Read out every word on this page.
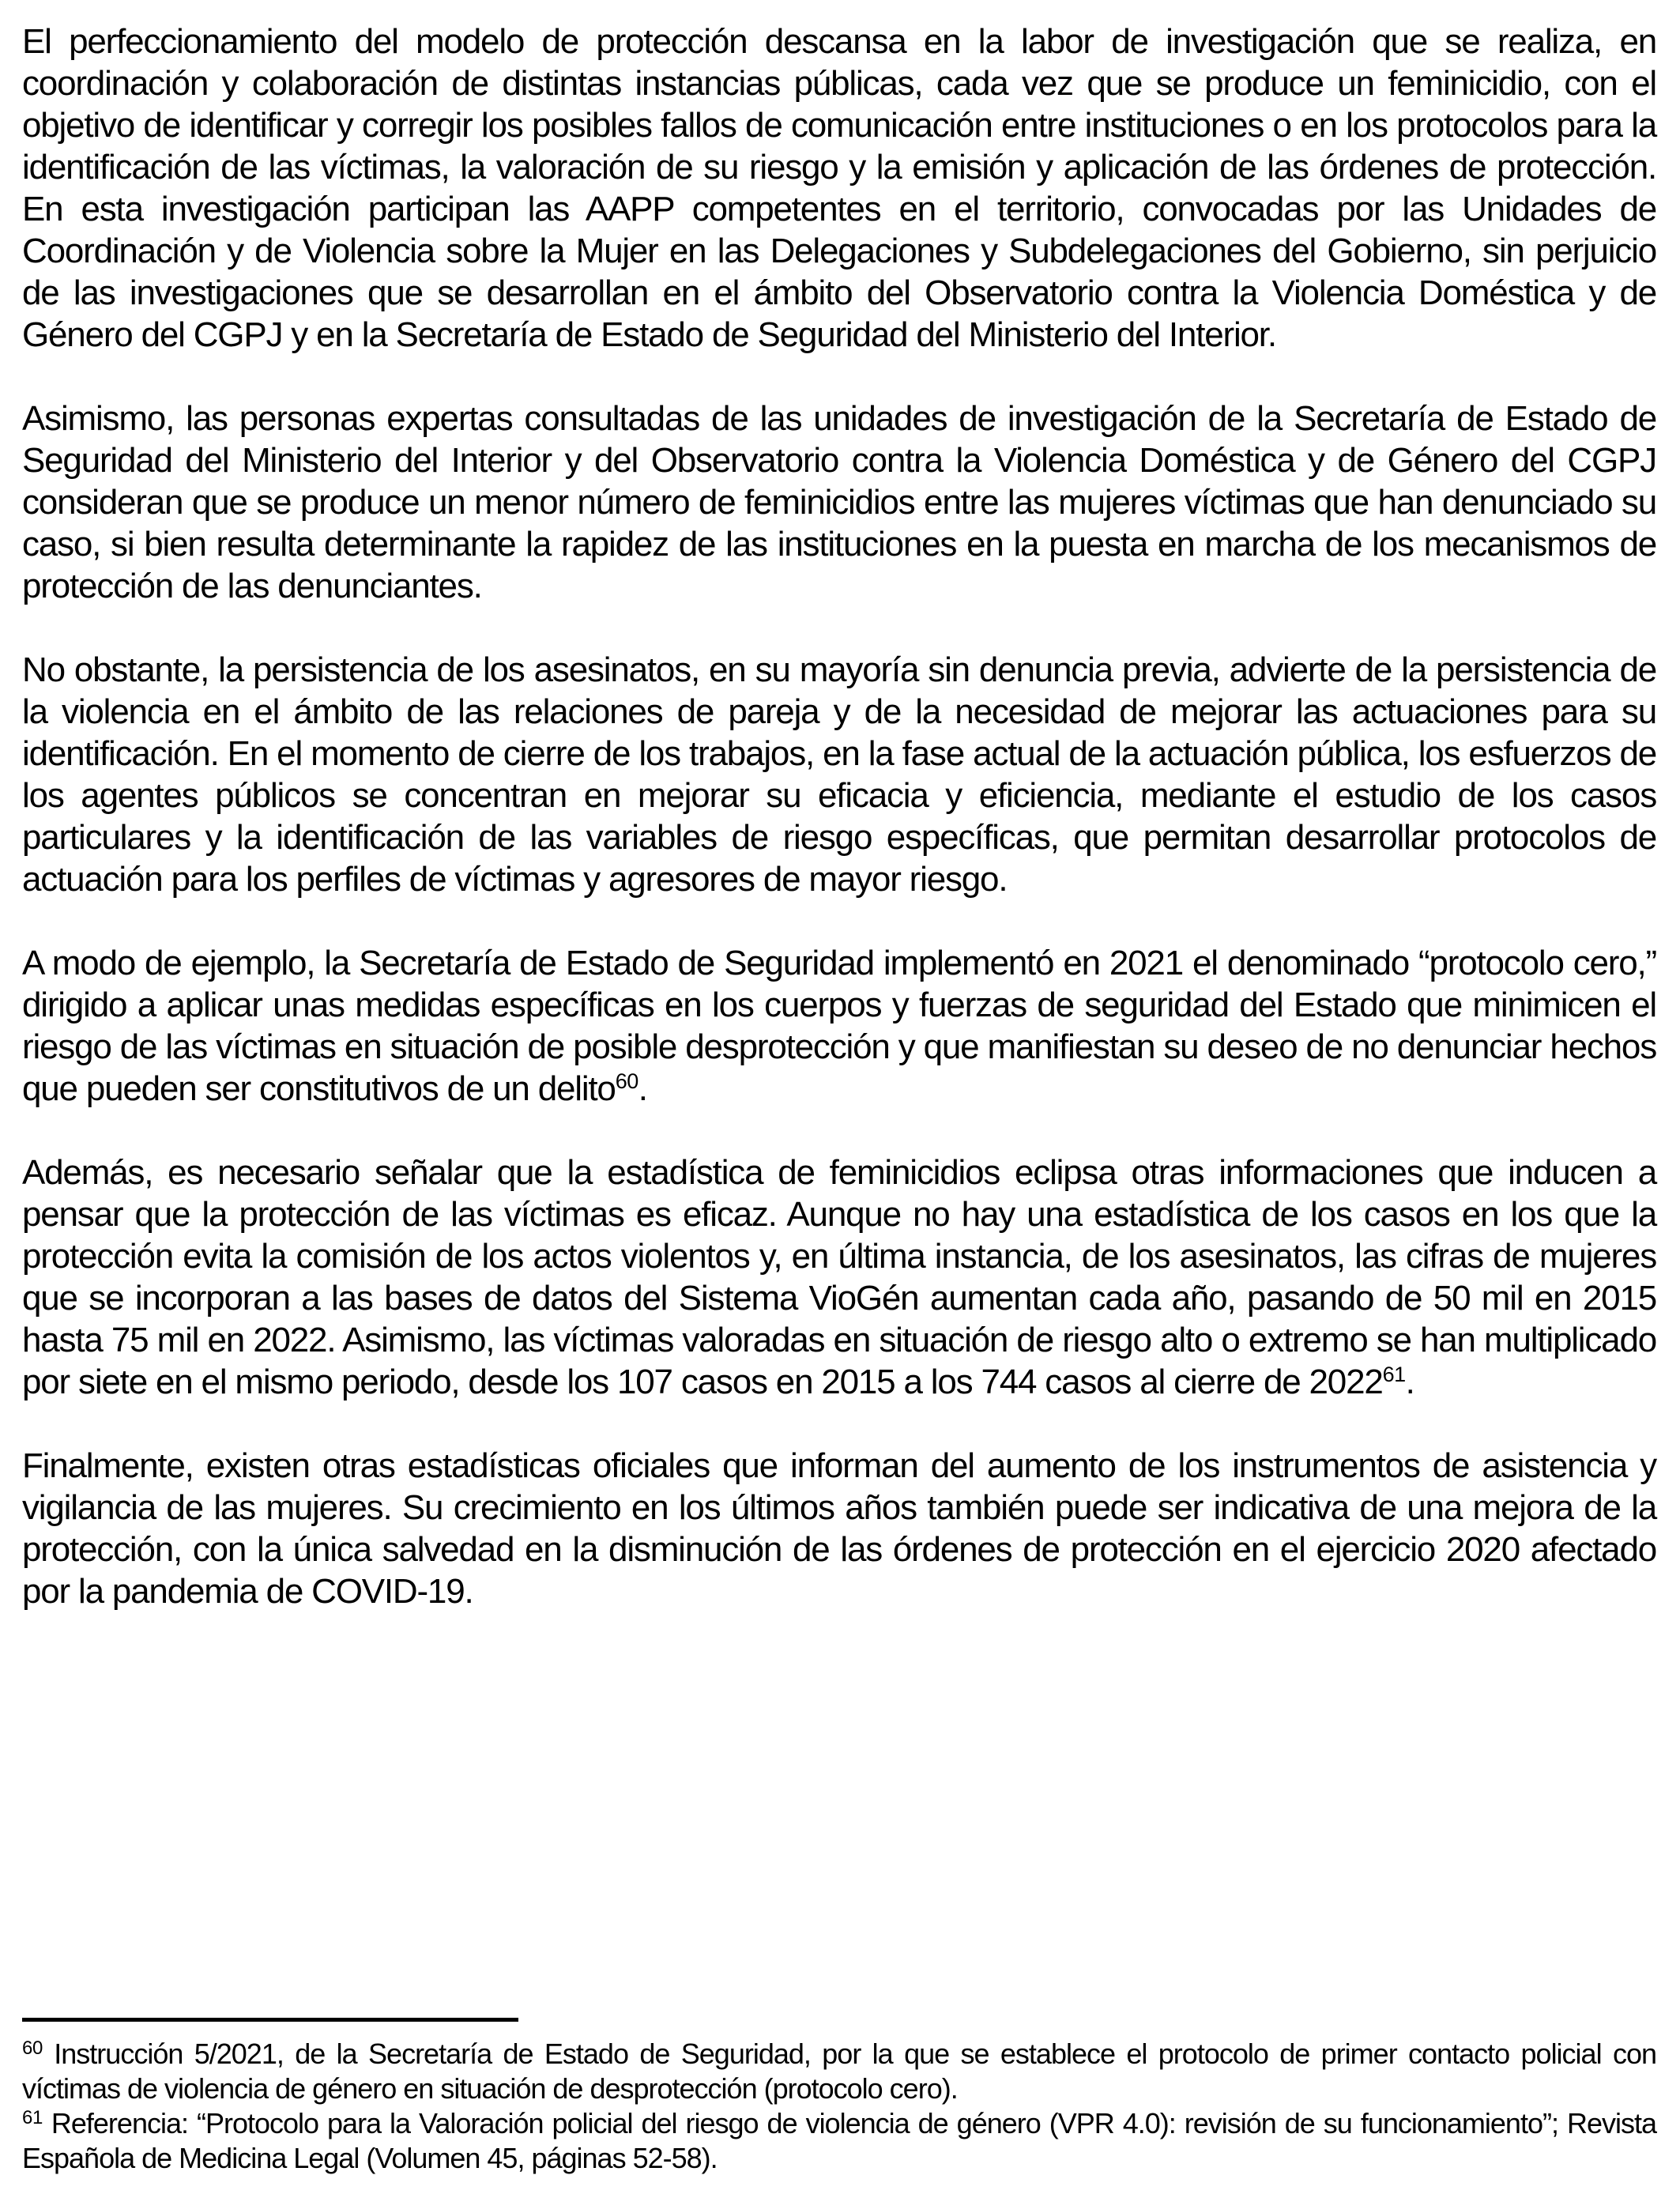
El perfeccionamiento del modelo de protección descansa en la labor de investigación que se realiza, en coordinación y colaboración de distintas instancias públicas, cada vez que se produce un feminicidio, con el objetivo de identificar y corregir los posibles fallos de comunicación entre instituciones o en los protocolos para la identificación de las víctimas, la valoración de su riesgo y la emisión y aplicación de las órdenes de protección. En esta investigación participan las AAPP competentes en el territorio, convocadas por las Unidades de Coordinación y de Violencia sobre la Mujer en las Delegaciones y Subdelegaciones del Gobierno, sin perjuicio de las investigaciones que se desarrollan en el ámbito del Observatorio contra la Violencia Doméstica y de Género del CGPJ y en la Secretaría de Estado de Seguridad del Ministerio del Interior.

Asimismo, las personas expertas consultadas de las unidades de investigación de la Secretaría de Estado de Seguridad del Ministerio del Interior y del Observatorio contra la Violencia Doméstica y de Género del CGPJ consideran que se produce un menor número de feminicidios entre las mujeres víctimas que han denunciado su caso, si bien resulta determinante la rapidez de las instituciones en la puesta en marcha de los mecanismos de protección de las denunciantes.

No obstante, la persistencia de los asesinatos, en su mayoría sin denuncia previa, advierte de la persistencia de la violencia en el ámbito de las relaciones de pareja y de la necesidad de mejorar las actuaciones para su identificación. En el momento de cierre de los trabajos, en la fase actual de la actuación pública, los esfuerzos de los agentes públicos se concentran en mejorar su eficacia y eficiencia, mediante el estudio de los casos particulares y la identificación de las variables de riesgo específicas, que permitan desarrollar protocolos de actuación para los perfiles de víctimas y agresores de mayor riesgo.

A modo de ejemplo, la Secretaría de Estado de Seguridad implementó en 2021 el denominado “protocolo cero,” dirigido a aplicar unas medidas específicas en los cuerpos y fuerzas de seguridad del Estado que minimicen el riesgo de las víctimas en situación de posible desprotección y que manifiestan su deseo de no denunciar hechos que pueden ser constitutivos de un delito$^{60}$.

Además, es necesario señalar que la estadística de feminicidios eclipsa otras informaciones que inducen a pensar que la protección de las víctimas es eficaz. Aunque no hay una estadística de los casos en los que la protección evita la comisión de los actos violentos y, en última instancia, de los asesinatos, las cifras de mujeres que se incorporan a las bases de datos del Sistema VioGén aumentan cada año, pasando de 50 mil en 2015 hasta 75 mil en 2022. Asimismo, las víctimas valoradas en situación de riesgo alto o extremo se han multiplicado por siete en el mismo periodo, desde los 107 casos en 2015 a los 744 casos al cierre de 2022$^{61}$.

Finalmente, existen otras estadísticas oficiales que informan del aumento de los instrumentos de asistencia y vigilancia de las mujeres. Su crecimiento en los últimos años también puede ser indicativa de una mejora de la protección, con la única salvedad en la disminución de las órdenes de protección en el ejercicio 2020 afectado por la pandemia de COVID-19.

$^{60}$ Instrucción 5/2021, de la Secretaría de Estado de Seguridad, por la que se establece el protocolo de primer contacto policial con víctimas de violencia de género en situación de desprotección (protocolo cero).

$^{61}$ Referencia: “Protocolo para la Valoración policial del riesgo de violencia de género (VPR 4.0): revisión de su funcionamiento”; Revista Española de Medicina Legal (Volumen 45, páginas 52-58).
